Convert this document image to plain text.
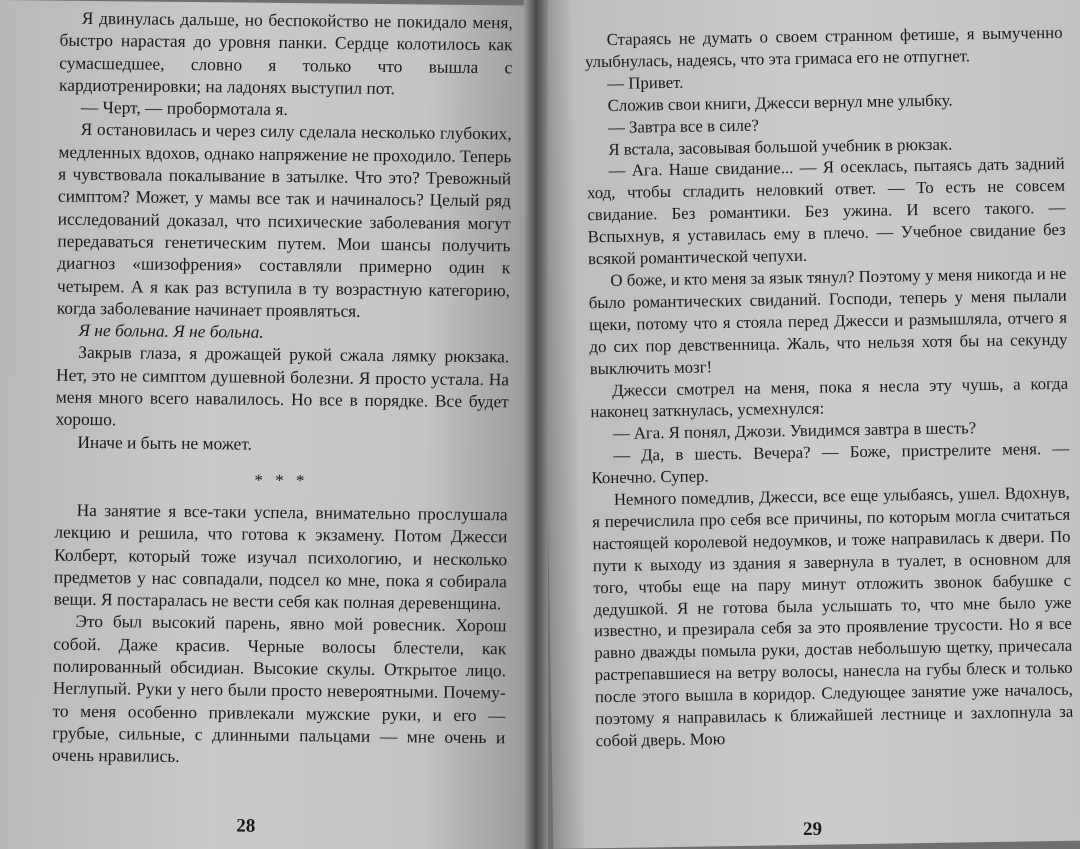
Я двинулась дальше, но беспокойство не покидало меня, быстро нарастая до уровня панки. Сердце колотилось как сумасшедшее, словно я только что вышла с кардиотренировки; на ладонях выступил пот.

— Черт, — пробормотала я.

Я остановилась и через силу сделала несколько глубоких, медленных вдохов, однако напряжение не проходило. Теперь я чувствовала покалывание в затылке. Что это? Тревожный симптом? Может, у мамы все так и начиналось? Целый ряд исследований доказал, что психические заболевания могут передаваться генетическим путем. Мои шансы получить диагноз «шизофрения» составляли примерно один к четырем. А я как раз вступила в ту возрастную категорию, когда заболевание начинает проявляться.

Я не больна. Я не больна.

Закрыв глаза, я дрожащей рукой сжала лямку рюкзака. Нет, это не симптом душевной болезни. Я просто устала. На меня много всего навалилось. Но все в порядке. Все будет хорошо.

Иначе и быть не может.

* * *

На занятие я все-таки успела, внимательно прослушала лекцию и решила, что готова к экзамену. Потом Джесси Колберт, который тоже изучал психологию, и несколько предметов у нас совпадали, подсел ко мне, пока я собирала вещи. Я постаралась не вести себя как полная деревенщина.

Это был высокий парень, явно мой ровесник. Хорош собой. Даже красив. Черные волосы блестели, как полированный обсидиан. Высокие скулы. Открытое лицо. Неглупый. Руки у него были просто невероятными. Почему-то меня особенно привлекали мужские руки, и его — грубые, сильные, с длинными пальцами — мне очень и очень нравились.

28

Стараясь не думать о своем странном фетише, я вымученно улыбнулась, надеясь, что эта гримаса его не отпугнет.

— Привет.

Сложив свои книги, Джесси вернул мне улыбку.

— Завтра все в силе?

Я встала, засовывая большой учебник в рюкзак.

— Ага. Наше свидание... — Я осеклась, пытаясь дать задний ход, чтобы сгладить неловкий ответ. — То есть не совсем свидание. Без романтики. Без ужина. И всего такого. — Вспыхнув, я уставилась ему в плечо. — Учебное свидание без всякой романтической чепухи.

О боже, и кто меня за язык тянул? Поэтому у меня никогда и не было романтических свиданий. Господи, теперь у меня пылали щеки, потому что я стояла перед Джесси и размышляла, отчего я до сих пор девственница. Жаль, что нельзя хотя бы на секунду выключить мозг!

Джесси смотрел на меня, пока я несла эту чушь, а когда наконец заткнулась, усмехнулся:

— Ага. Я понял, Джози. Увидимся завтра в шесть?

— Да, в шесть. Вечера? — Боже, пристрелите меня. — Конечно. Супер.

Немного помедлив, Джесси, все еще улыбаясь, ушел. Вдохнув, я перечислила про себя все причины, по которым могла считаться настоящей королевой недоумков, и тоже направилась к двери. По пути к выходу из здания я завернула в туалет, в основном для того, чтобы еще на пару минут отложить звонок бабушке с дедушкой. Я не готова была услышать то, что мне было уже известно, и презирала себя за это проявление трусости. Но я все равно дважды помыла руки, достав небольшую щетку, причесала растрепавшиеся на ветру волосы, нанесла на губы блеск и только после этого вышла в коридор. Следующее занятие уже началось, поэтому я направилась к ближайшей лестнице и захлопнула за собой дверь. Мою

29
